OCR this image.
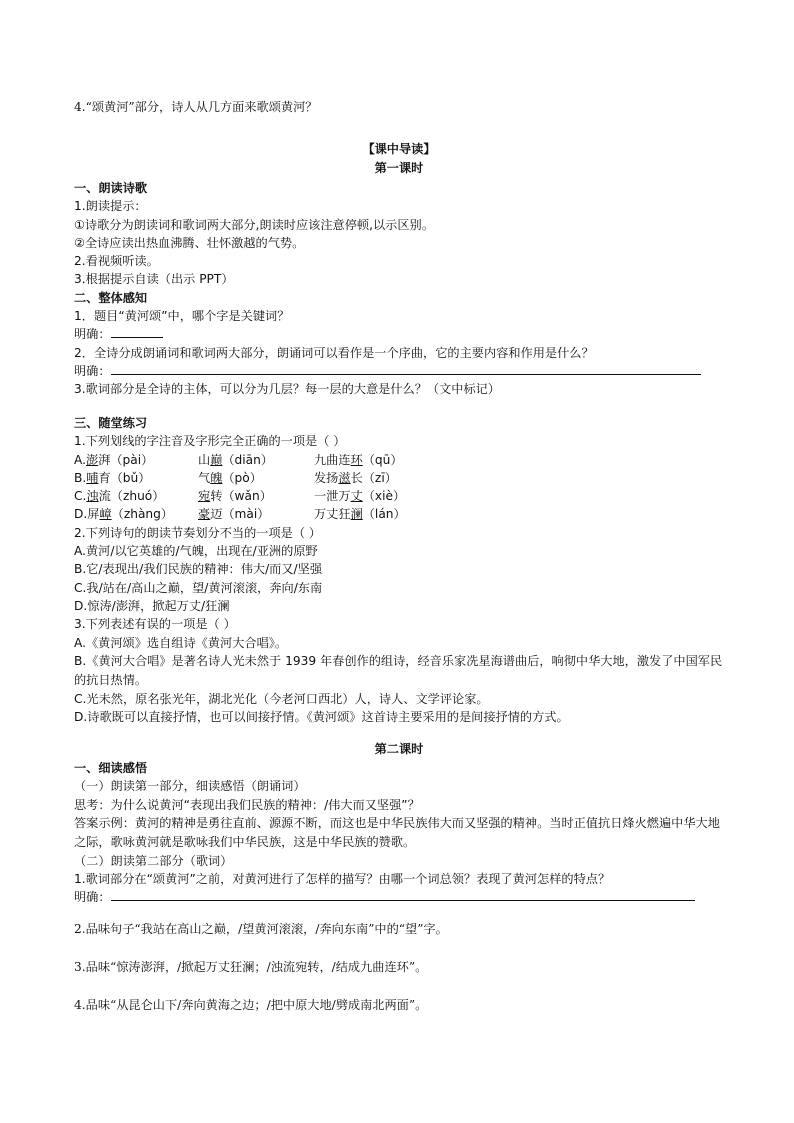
4.“颂黄河”部分，诗人从几方面来歌颂黄河？
【课中导读】
第一课时
一、朗读诗歌
1.朗读提示：
①诗歌分为朗读词和歌词两大部分,朗读时应该注意停顿,以示区别。
②全诗应读出热血沸腾、壮怀激越的气势。
2.看视频听读。
3.根据提示自读（出示 PPT）
二、整体感知
1．题目“黄河颂”中，哪个字是关键词？
明确：
2．全诗分成朗诵词和歌词两大部分，朗诵词可以看作是一个序曲，它的主要内容和作用是什么？
明确：
3.歌词部分是全诗的主体，可以分为几层？每一层的大意是什么？（文中标记）
三、随堂练习
1.下列划线的字注音及字形完全正确的一项是（ ）
A.澎湃（pài）	山巅（diān）	九曲连环（qū）
B.哺育（bǔ）	气魄（pò）	发扬滋长（zī）
C.浊流（zhuó）	宛转（wǎn）	一泄万丈（xiè）
D.屏嶂（zhàng） 豪迈（mài）	万丈狂澜（lán）
2.下列诗句的朗读节奏划分不当的一项是（ ）
A.黄河/以它英雄的/气魄，出现在/亚洲的原野
B.它/表现出/我们民族的精神：伟大/而又/坚强
C.我/站在/高山之巅，望/黄河滚滚，奔向/东南
D.惊涛/澎湃，掀起万丈/狂澜
3.下列表述有误的一项是（ ）
A.《黄河颂》选自组诗《黄河大合唱》。
B.《黄河大合唱》是著名诗人光未然于 1939 年春创作的组诗，经音乐家冼星海谱曲后，响彻中华大地，激发了中国军民的抗日热情。
C.光未然，原名张光年，湖北光化（今老河口西北）人，诗人、文学评论家。
D.诗歌既可以直接抒情，也可以间接抒情。《黄河颂》这首诗主要采用的是间接抒情的方式。
第二课时
一、细读感悟
（一）朗读第一部分，细读感悟（朗诵词）
思考：为什么说黄河“表现出我们民族的精神：/伟大而又坚强”？
答案示例：黄河的精神是勇往直前、源源不断，而这也是中华民族伟大而又坚强的精神。当时正值抗日烽火燃遍中华大地之际，歌咏黄河就是歌咏我们中华民族，这是中华民族的赞歌。
（二）朗读第二部分（歌词）
1.歌词部分在“颂黄河”之前，对黄河进行了怎样的描写？由哪一个词总领？表现了黄河怎样的特点？
明确：
2.品味句子“我站在高山之巅，/望黄河滚滚，/奔向东南”中的“望”字。
3.品味“惊涛澎湃，/掀起万丈狂澜；/浊流宛转，/结成九曲连环”。
4.品味“从昆仑山下/奔向黄海之边；/把中原大地/劈成南北两面”。
